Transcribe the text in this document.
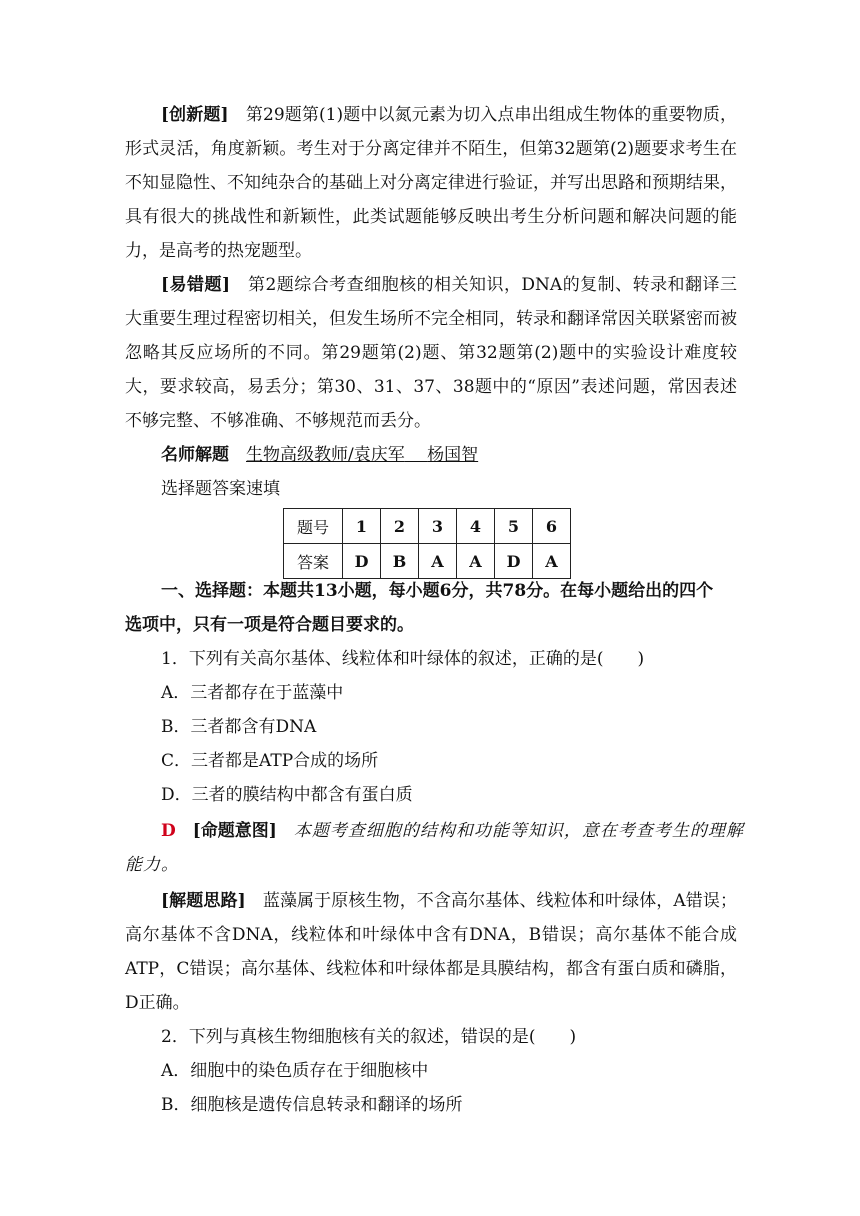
[创新题]　 第29题第(1)题中以氮元素为切入点串出组成生物体的重要物质，形式灵活，角度新颖。考生对于分离定律并不陌生，但第32题第(2)题要求考生在不知显隐性、不知纯杂合的基础上对分离定律进行验证，并写出思路和预期结果，具有很大的挑战性和新颖性，此类试题能够反映出考生分析问题和解决问题的能力，是高考的热宠题型。

[易错题]　 第2题综合考查细胞核的相关知识，DNA的复制、转录和翻译三大重要生理过程密切相关，但发生场所不完全相同，转录和翻译常因关联紧密而被忽略其反应场所的不同。第29题第(2)题、第32题第(2)题中的实验设计难度较大，要求较高，易丢分；第30、31、37、38题中的“原因”表述问题，常因表述不够完整、不够准确、不够规范而丢分。

名师解题　 生物高级教师/袁庆军　 杨国智
选择题答案速填
题号	1	2	3	4	5	6
答案	D	B	A	A	D	A
一、选择题：本题共13小题，每小题6分，共78分。在每小题给出的四个
选项中，只有一项是符合题目要求的。
1．下列有关高尔基体、线粒体和叶绿体的叙述，正确的是(　　)
A．三者都存在于蓝藻中
B．三者都含有DNA
C．三者都是ATP合成的场所
D．三者的膜结构中都含有蛋白质
D　 [命题意图]　 本题考查细胞的结构和功能等知识，意在考查考生的理解
能力。

[解题思路]　 蓝藻属于原核生物，不含高尔基体、线粒体和叶绿体，A错误；高尔基体不含DNA，线粒体和叶绿体中含有DNA，B错误；高尔基体不能合成ATP，C错误；高尔基体、线粒体和叶绿体都是具膜结构，都含有蛋白质和磷脂，D正确。

2．下列与真核生物细胞核有关的叙述，错误的是(　　)
A．细胞中的染色质存在于细胞核中
B．细胞核是遗传信息转录和翻译的场所
